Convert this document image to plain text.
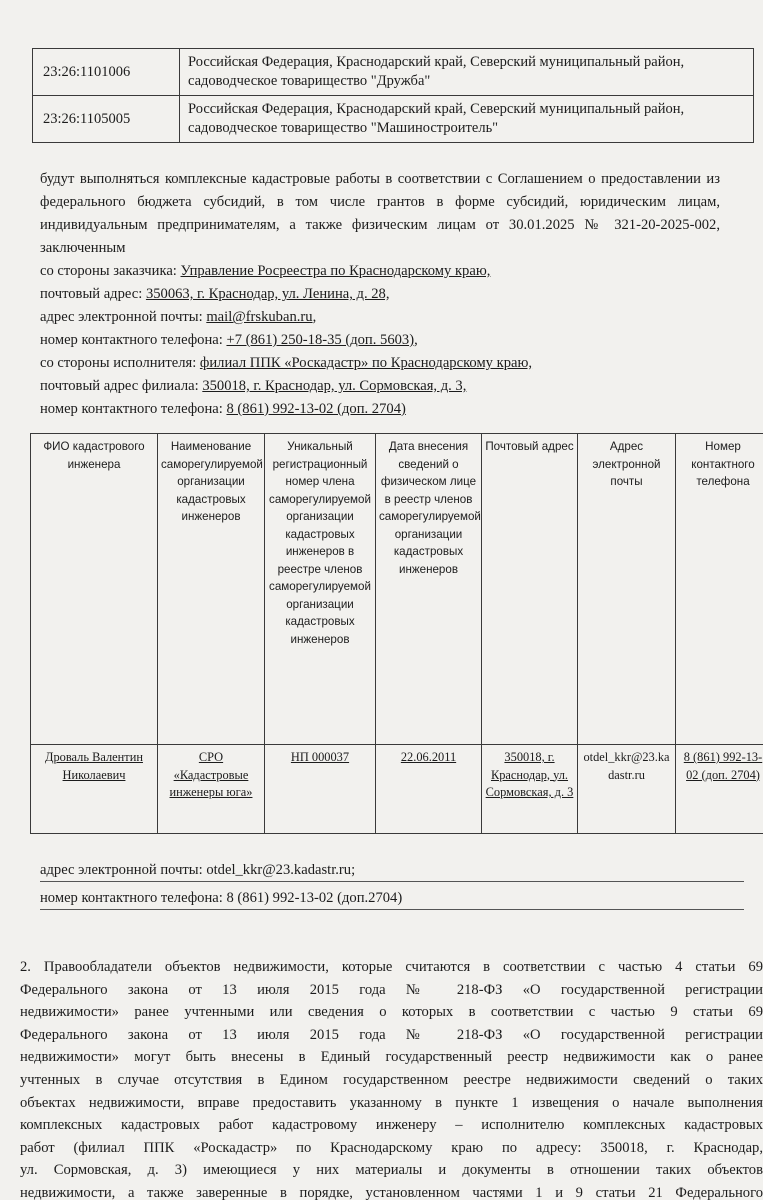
23:26:1101006	Российская Федерация, Краснодарский край, Северский муниципальный район, садоводческое товарищество "Дружба"
23:26:1105005	Российская Федерация, Краснодарский край, Северский муниципальный район, садоводческое товарищество "Машиностроитель"

будут выполняться комплексные кадастровые работы в соответствии с Соглашением о предоставлении из федерального бюджета субсидий, в том числе грантов в форме субсидий, юридическим лицам, индивидуальным предпринимателям, а также физическим лицам от 30.01.2025 № 321-20-2025-002, заключенным

со стороны заказчика: Управление Росреестра по Краснодарскому краю,
почтовый адрес: 350063, г. Краснодар, ул. Ленина, д. 28,
адрес электронной почты: mail@frskuban.ru,
номер контактного телефона: +7 (861) 250-18-35 (доп. 5603),
со стороны исполнителя: филиал ППК «Роскадастр» по Краснодарскому краю,
почтовый адрес филиала: 350018, г. Краснодар, ул. Сормовская, д. 3,
номер контактного телефона: 8 (861) 992-13-02 (доп. 2704)
ФИО кадастрового инженера	Наименование саморегулируемой организации кадастровых инженеров	Уникальный регистрационный номер члена саморегулируемой организации кадастровых инженеров в реестре членов саморегулируемой организации кадастровых инженеров	Дата внесения сведений о физическом лице в реестр членов саморегулируемой организации кадастровых инженеров	Почтовый адрес	Адрес электронной почты	Номер контактного телефона
Дроваль Валентин Николаевич	СРО «Кадастровые инженеры юга»	НП 000037	22.06.2011	350018, г. Краснодар, ул. Сормовская, д. 3	otdel_kkr@23.kadastr.ru	8 (861) 992-13-02 (доп. 2704)
адрес электронной почты: otdel_kkr@23.kadastr.ru;
номер контактного телефона: 8 (861) 992-13-02 (доп.2704)

2. Правообладатели объектов недвижимости, которые считаются в соответствии с частью 4 статьи 69

Федерального закона от 13 июля 2015 года № 218-ФЗ «О государственной регистрации

недвижимости» ранее учтенными или сведения о которых в соответствии с частью 9 статьи 69

Федерального закона от 13 июля 2015 года № 218-ФЗ «О государственной регистрации

недвижимости» могут быть внесены в Единый государственный реестр недвижимости как о ранее

учтенных в случае отсутствия в Едином государственном реестре недвижимости сведений о таких

объектах недвижимости, вправе предоставить указанному в пункте 1 извещения о начале выполнения

комплексных кадастровых работ кадастровому инженеру – исполнителю комплексных кадастровых

работ (филиал ППК «Роскадастр» по Краснодарскому краю по адресу: 350018, г. Краснодар,

ул. Сормовская, д. 3) имеющиеся у них материалы и документы в отношении таких объектов

недвижимости, а также заверенные в порядке, установленном частями 1 и 9 статьи 21 Федерального
